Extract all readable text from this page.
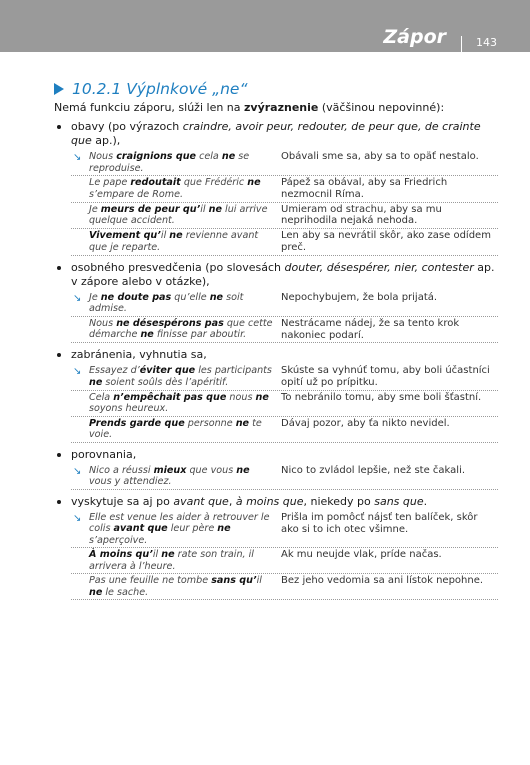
Zápor	143
10.2.1 Výplnkové „ne“
Nemá funkciu záporu, slúži len na zvýraznenie (väčšinou nepovinné):
obavy (po výrazoch craindre, avoir peur, redouter, de peur que, de crainte que ap.),
↘ Nous craignions que cela ne se reproduise.
Obávali sme sa, aby sa to opäť nestalo.
Le pape redoutait que Frédéric ne s’empare de Rome.
Pápež sa obával, aby sa Friedrich nezmocnil Ríma.
Je meurs de peur qu’il ne lui arrive quelque accident.
Umieram od strachu, aby sa mu neprihodila nejaká nehoda.
Vivement qu’il ne revienne avant que je reparte.
Len aby sa nevrátil skôr, ako zase odídem preč.
osobného presvedčenia (po slovesách douter, désespérer, nier, contester ap. v zápore alebo v otázke),
↘ Je ne doute pas qu’elle ne soit admise.
Nepochybujem, že bola prijatá.
Nous ne désespérons pas que cette démarche ne finisse par aboutir.
Nestrácame nádej, že sa tento krok nakoniec podarí.
zabránenia, vyhnutia sa,
↘ Essayez d’éviter que les participants ne soient soûls dès l’apéritif.
Skúste sa vyhnúť tomu, aby boli účastníci opití už po prípitku.
Cela n’empêchait pas que nous ne soyons heureux.
To nebránilo tomu, aby sme boli šťastní.
Prends garde que personne ne te voie.
Dávaj pozor, aby ťa nikto nevidel.
porovnania,
↘ Nico a réussi mieux que vous ne vous y attendiez.
Nico to zvládol lepšie, než ste čakali.
vyskytuje sa aj po avant que, à moins que, niekedy po sans que.
↘ Elle est venue les aider à retrouver le colis avant que leur père ne s’aperçoive.
Prišla im pomôcť nájsť ten balíček, skôr ako si to ich otec všimne.
À moins qu’il ne rate son train, il arrivera à l’heure.
Ak mu neujde vlak, príde načas.
Pas une feuille ne tombe sans qu’il ne le sache.
Bez jeho vedomia sa ani lístok nepohne.
